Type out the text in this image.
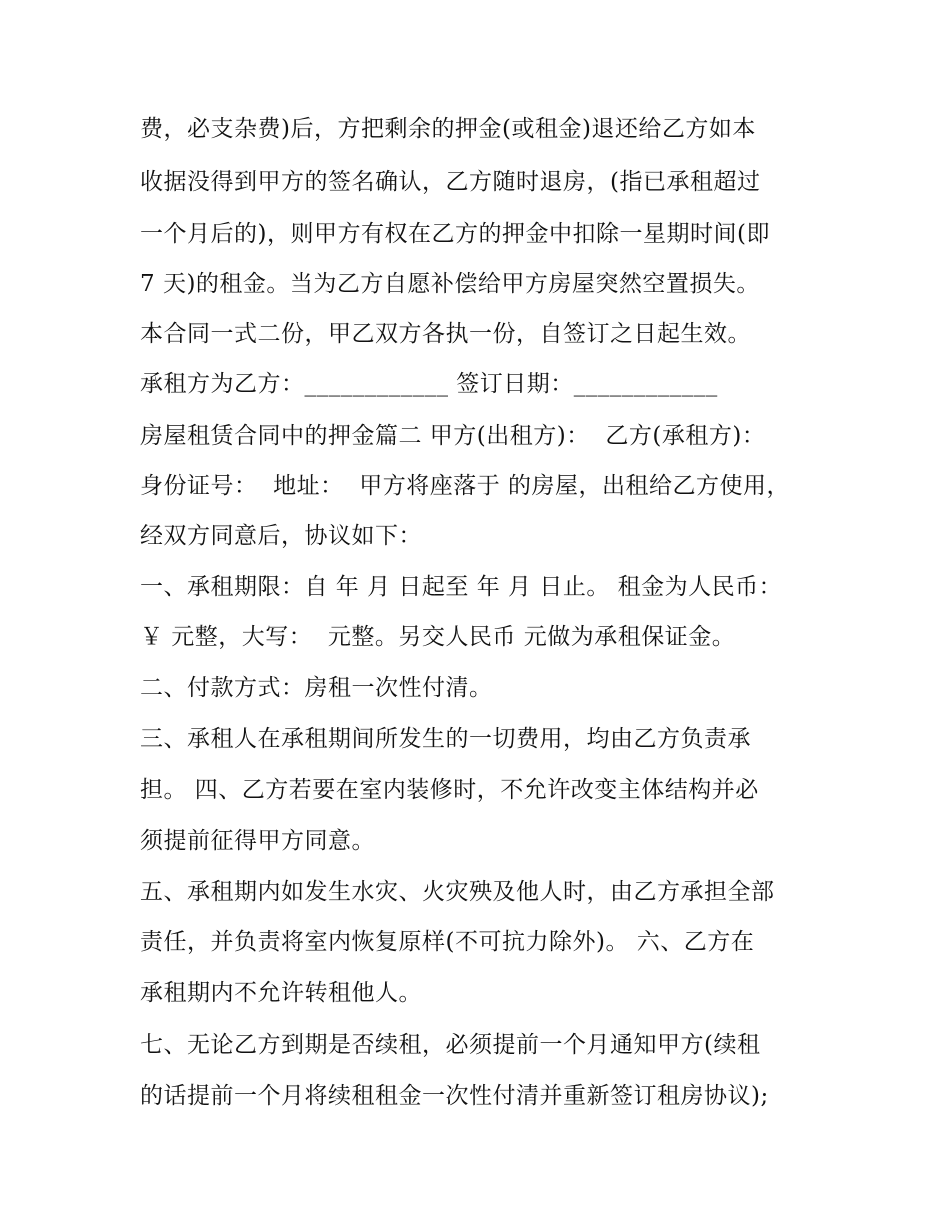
费，必支杂费)后，方把剩余的押金(或租金)退还给乙方如本
收据没得到甲方的签名确认，乙方随时退房，(指已承租超过
一个月后的)，则甲方有权在乙方的押金中扣除一星期时间(即
7 天)的租金。当为乙方自愿补偿给甲方房屋突然空置损失。
本合同一式二份，甲乙双方各执一份，自签订之日起生效。
承租方为乙方：____________ 签订日期：____________
房屋租赁合同中的押金篇二 甲方(出租方)：  乙方(承租方)：
身份证号：  地址：  甲方将座落于 的房屋，出租给乙方使用，
经双方同意后，协议如下：
一、承租期限：自 年 月 日起至 年 月 日止。 租金为人民币：
￥ 元整，大写：  元整。另交人民币 元做为承租保证金。
二、付款方式：房租一次性付清。
三、承租人在承租期间所发生的一切费用，均由乙方负责承
担。 四、乙方若要在室内装修时，不允许改变主体结构并必
须提前征得甲方同意。
五、承租期内如发生水灾、火灾殃及他人时，由乙方承担全部
责任，并负责将室内恢复原样(不可抗力除外)。 六、乙方在
承租期内不允许转租他人。
七、无论乙方到期是否续租，必须提前一个月通知甲方(续租
的话提前一个月将续租租金一次性付清并重新签订租房协议);
